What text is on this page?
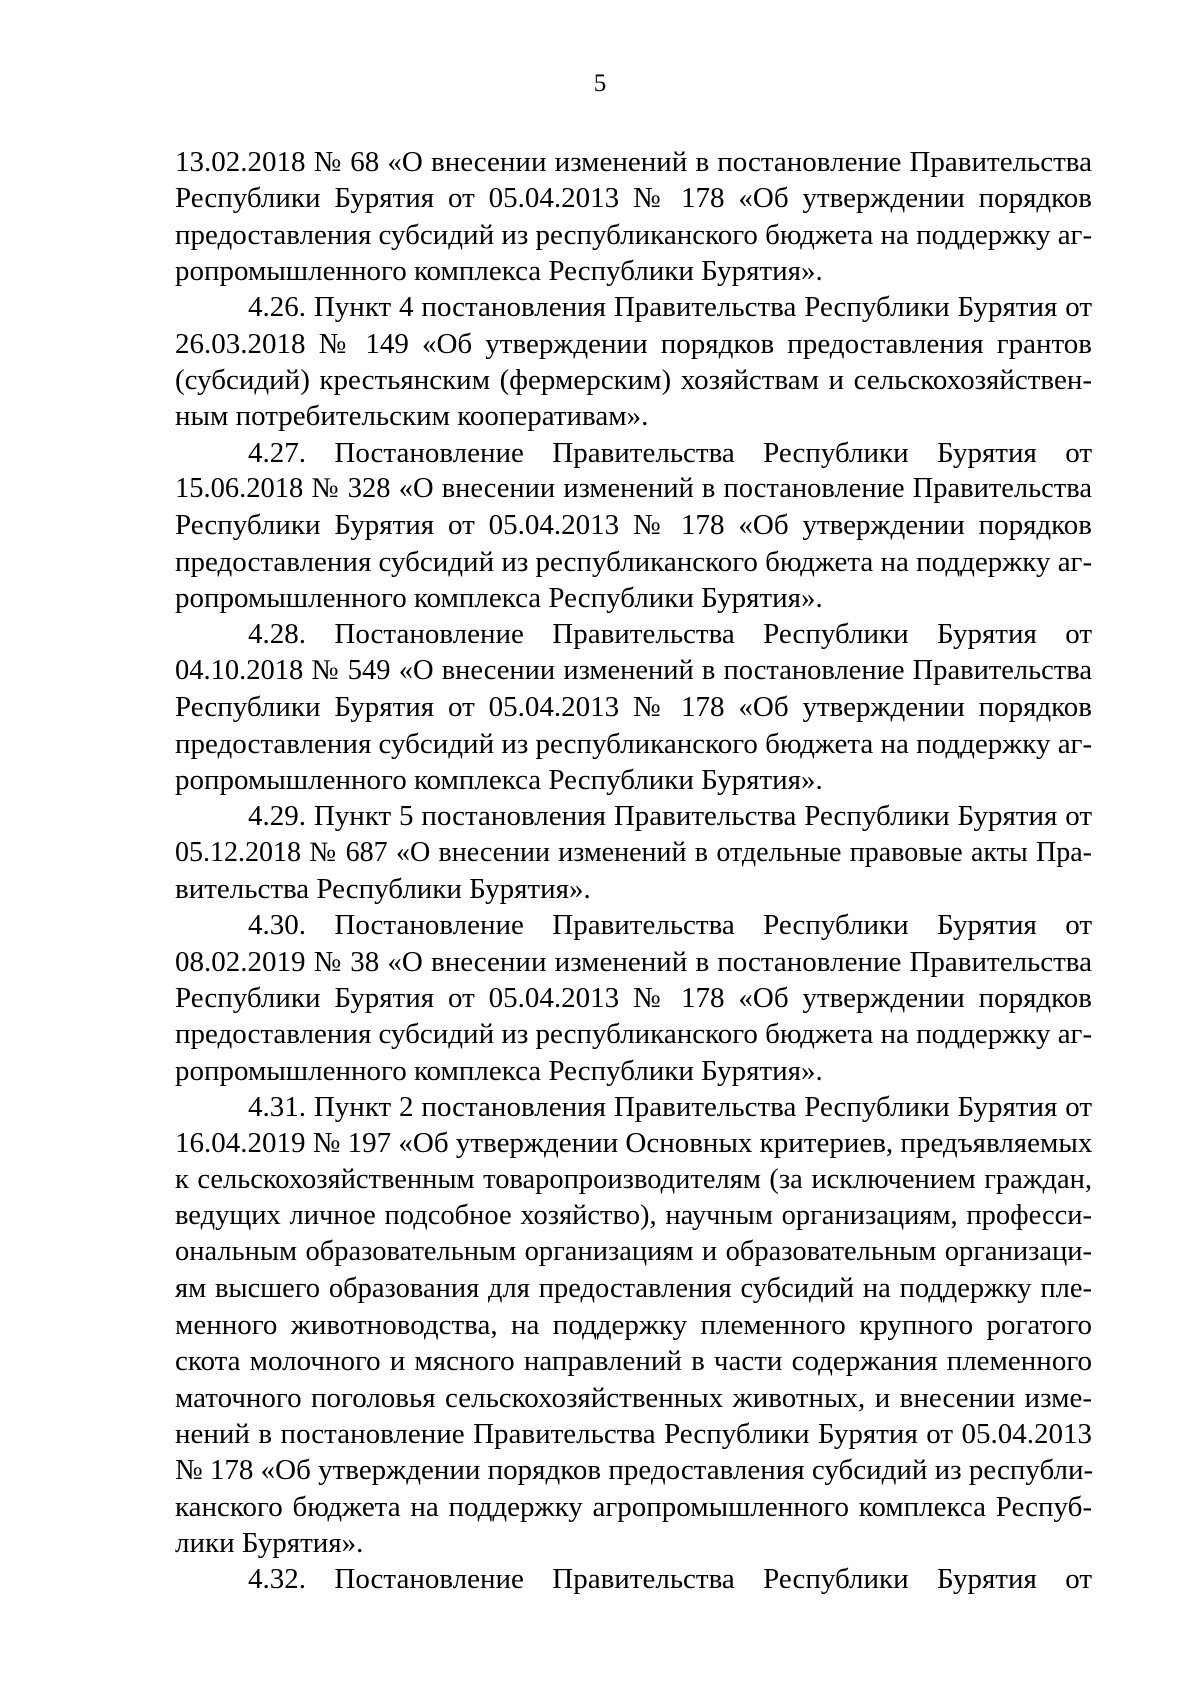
5
13.02.2018 № 68 «О внесении изменений в постановление Правительства
Республики Бурятия от 05.04.2013 № 178 «Об утверждении порядков
предоставления субсидий из республиканского бюджета на поддержку аг-
ропромышленного комплекса Республики Бурятия».
4.26. Пункт 4 постановления Правительства Республики Бурятия от
26.03.2018 № 149 «Об утверждении порядков предоставления грантов
(субсидий) крестьянским (фермерским) хозяйствам и сельскохозяйствен-
ным потребительским кооперативам».
4.27. Постановление Правительства Республики Бурятия от
15.06.2018 № 328 «О внесении изменений в постановление Правительства
Республики Бурятия от 05.04.2013 № 178 «Об утверждении порядков
предоставления субсидий из республиканского бюджета на поддержку аг-
ропромышленного комплекса Республики Бурятия».
4.28. Постановление Правительства Республики Бурятия от
04.10.2018 № 549 «О внесении изменений в постановление Правительства
Республики Бурятия от 05.04.2013 № 178 «Об утверждении порядков
предоставления субсидий из республиканского бюджета на поддержку аг-
ропромышленного комплекса Республики Бурятия».
4.29. Пункт 5 постановления Правительства Республики Бурятия от
05.12.2018 № 687 «О внесении изменений в отдельные правовые акты Пра-
вительства Республики Бурятия».
4.30. Постановление Правительства Республики Бурятия от
08.02.2019 № 38 «О внесении изменений в постановление Правительства
Республики Бурятия от 05.04.2013 № 178 «Об утверждении порядков
предоставления субсидий из республиканского бюджета на поддержку аг-
ропромышленного комплекса Республики Бурятия».
4.31. Пункт 2 постановления Правительства Республики Бурятия от
16.04.2019 № 197 «Об утверждении Основных критериев, предъявляемых
к сельскохозяйственным товаропроизводителям (за исключением граждан,
ведущих личное подсобное хозяйство), научным организациям, професси-
ональным образовательным организациям и образовательным организаци-
ям высшего образования для предоставления субсидий на поддержку пле-
менного животноводства, на поддержку племенного крупного рогатого
скота молочного и мясного направлений в части содержания племенного
маточного поголовья сельскохозяйственных животных, и внесении изме-
нений в постановление Правительства Республики Бурятия от 05.04.2013
№ 178 «Об утверждении порядков предоставления субсидий из республи-
канского бюджета на поддержку агропромышленного комплекса Респуб-
лики Бурятия».
4.32. Постановление Правительства Республики Бурятия от
